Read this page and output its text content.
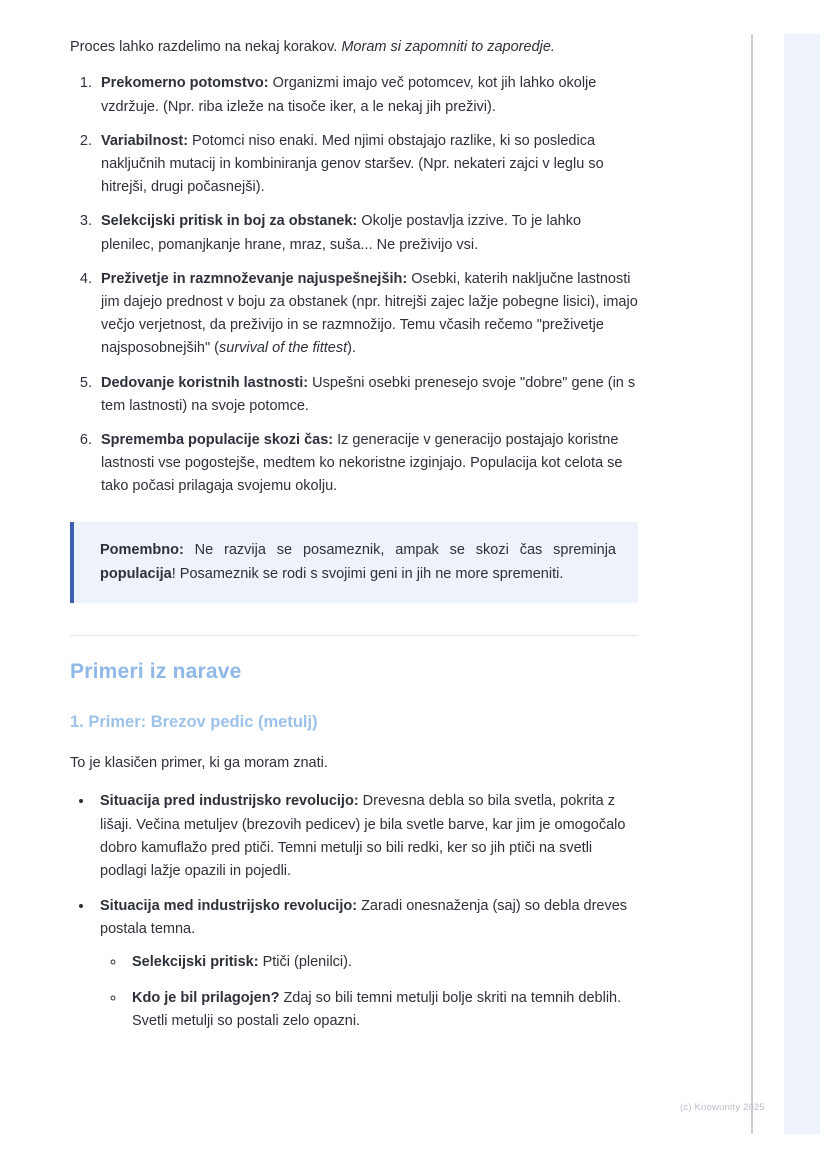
Proces lahko razdelimo na nekaj korakov. Moram si zapomniti to zaporedje.

1. Prekomerno potomstvo: Organizmi imajo več potomcev, kot jih lahko okolje vzdržuje. (Npr. riba izleže na tisoče iker, a le nekaj jih preživi).
2. Variabilnost: Potomci niso enaki. Med njimi obstajajo razlike, ki so posledica naključnih mutacij in kombiniranja genov staršev. (Npr. nekateri zajci v leglu so hitrejši, drugi počasnejši).
3. Selekcijski pritisk in boj za obstanek: Okolje postavlja izzive. To je lahko plenilec, pomanjkanje hrane, mraz, suša... Ne preživijo vsi.
4. Preživetje in razmnoževanje najuspešnejših: Osebki, katerih naključne lastnosti jim dajejo prednost v boju za obstanek (npr. hitrejši zajec lažje pobegne lisici), imajo večjo verjetnost, da preživijo in se razmnožijo. Temu včasih rečemo "preživetje najsposobnejših" (survival of the fittest).
5. Dedovanje koristnih lastnosti: Uspešni osebki prenesejo svoje "dobre" gene (in s tem lastnosti) na svoje potomce.
6. Sprememba populacije skozi čas: Iz generacije v generacijo postajajo koristne lastnosti vse pogostejše, medtem ko nekoristne izginjajo. Populacija kot celota se tako počasi prilagaja svojemu okolju.
Pomembno: Ne razvija se posameznik, ampak se skozi čas spreminja populacija! Posameznik se rodi s svojimi geni in jih ne more spremeniti.
Primeri iz narave
1. Primer: Brezov pedic (metulj)

To je klasičen primer, ki ga moram znati.

• Situacija pred industrijsko revolucijo: Drevesna debla so bila svetla, pokrita z lišaji. Večina metuljev (brezovih pedicev) je bila svetle barve, kar jim je omogočalo dobro kamuflažo pred ptiči. Temni metulji so bili redki, ker so jih ptiči na svetli podlagi lažje opazili in pojedli.
• Situacija med industrijsko revolucijo: Zaradi onesnaženja (saj) so debla dreves postala temna.
◦ Selekcijski pritisk: Ptiči (plenilci).
◦ Kdo je bil prilagojen? Zdaj so bili temni metulji bolje skriti na temnih deblih. Svetli metulji so postali zelo opazni.
(c) Knowunity 2025
